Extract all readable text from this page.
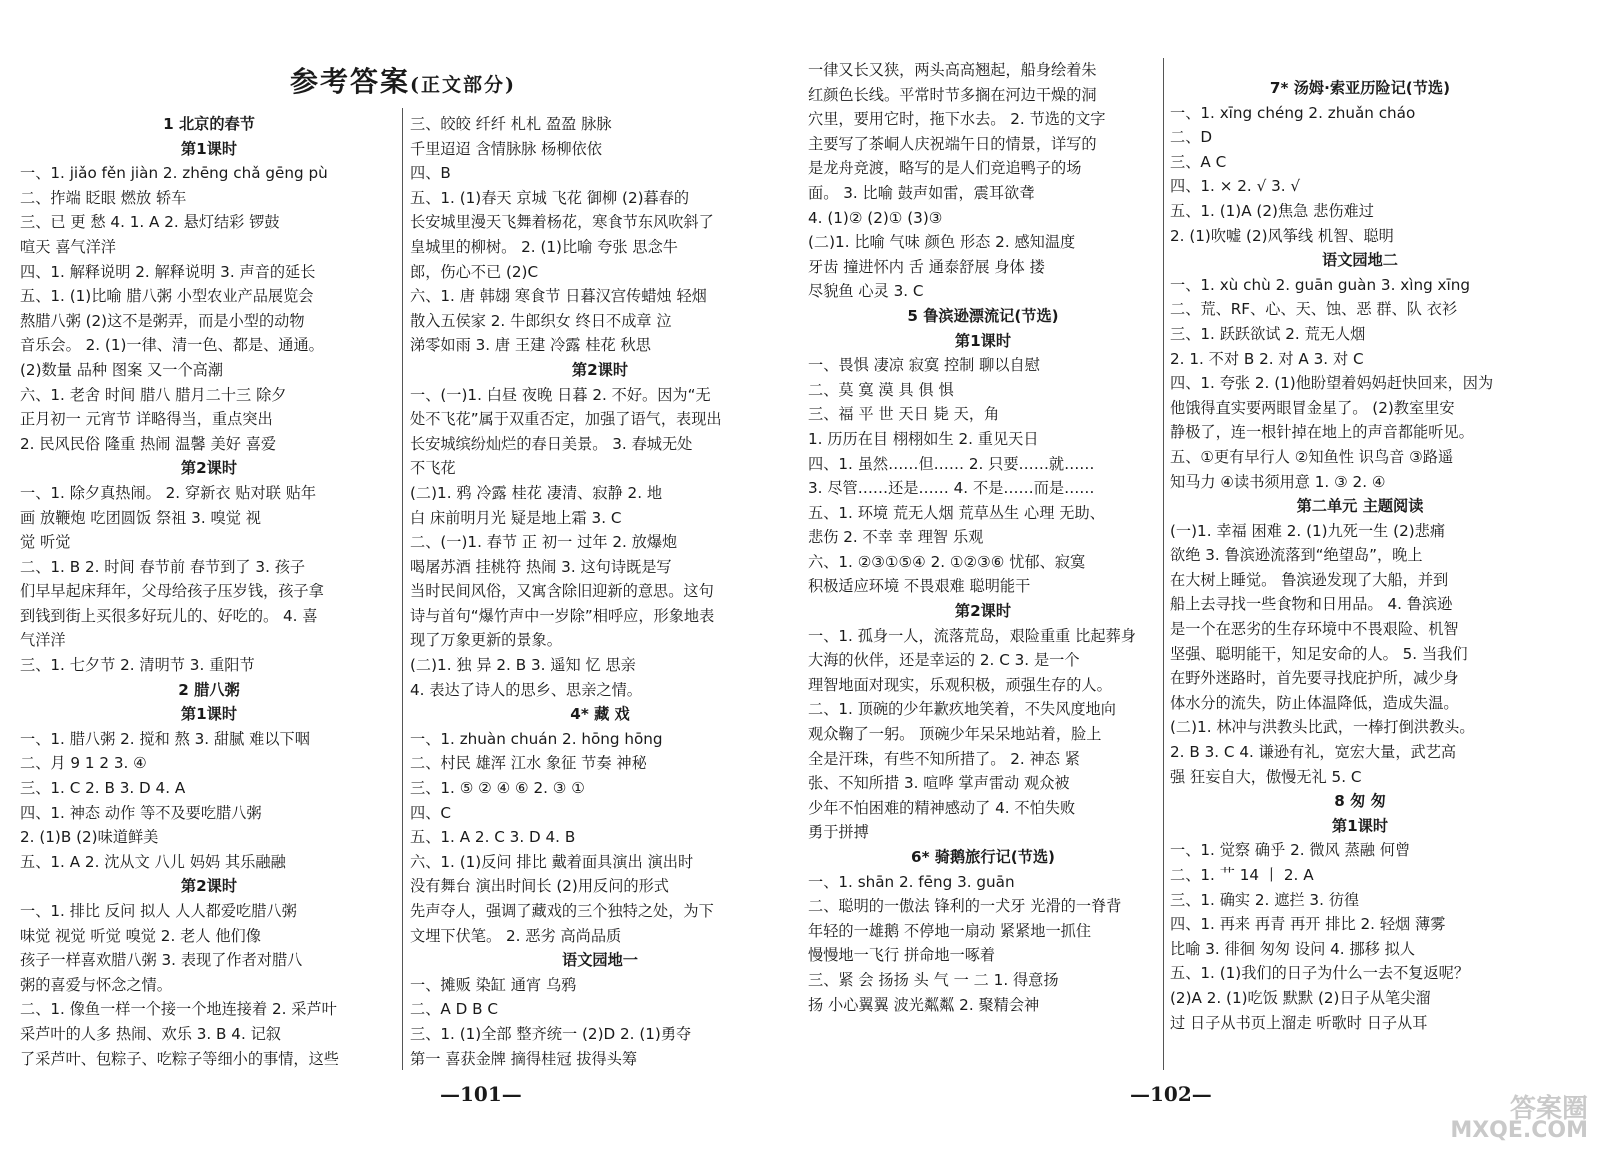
参考答案(正文部分)
1 北京的春节
第1课时
一、1. jiǎo fěn jiàn 2. zhēng chǎ gēng pù
二、拃端 眨眼 燃放 轿车
三、已 更 愁 4. 1. A 2. 悬灯结彩 锣鼓
喧天 喜气洋洋
四、1. 解释说明 2. 解释说明 3. 声音的延长
五、1. (1)比喻 腊八粥 小型农业产品展览会
熬腊八粥 (2)这不是粥弄，而是小型的动物
音乐会。 2. (1)一律、清一色、都是、通通。
(2)数量 品种 图案 又一个高潮
六、1. 老舍 时间 腊八 腊月二十三 除夕
正月初一 元宵节 详略得当，重点突出
2. 民风民俗 隆重 热闹 温馨 美好 喜爱
第2课时
一、1. 除夕真热闹。 2. 穿新衣 贴对联 贴年
画 放鞭炮 吃团圆饭 祭祖 3. 嗅觉 视
觉 听觉
二、1. B 2. 时间 春节前 春节到了 3. 孩子
们早早起床拜年，父母给孩子压岁钱，孩子拿
到钱到街上买很多好玩儿的、好吃的。 4. 喜
气洋洋
三、1. 七夕节 2. 清明节 3. 重阳节
2 腊八粥
第1课时
一、1. 腊八粥 2. 搅和 熬 3. 甜腻 难以下咽
二、月 9 1 2 3. ④
三、1. C 2. B 3. D 4. A
四、1. 神态 动作 等不及要吃腊八粥
2. (1)B (2)味道鲜美
五、1. A 2. 沈从文 八儿 妈妈 其乐融融
第2课时
一、1. 排比 反问 拟人 人人都爱吃腊八粥
味觉 视觉 听觉 嗅觉 2. 老人 他们像
孩子一样喜欢腊八粥 3. 表现了作者对腊八
粥的喜爱与怀念之情。
二、1. 像鱼一样一个接一个地连接着 2. 采芦叶
采芦叶的人多 热闹、欢乐 3. B 4. 记叙
了采芦叶、包粽子、吃粽子等细小的事情，这些
三、皎皎 纤纤 札札 盈盈 脉脉
千里迢迢 含情脉脉 杨柳依依
四、B
五、1. (1)春天 京城 飞花 御柳 (2)暮春的
长安城里漫天飞舞着杨花，寒食节东风吹斜了
皇城里的柳树。 2. (1)比喻 夸张 思念牛
郎，伤心不已 (2)C
六、1. 唐 韩翃 寒食节 日暮汉宫传蜡烛 轻烟
散入五侯家 2. 牛郎织女 终日不成章 泣
涕零如雨 3. 唐 王建 冷露 桂花 秋思
第2课时
一、(一)1. 白昼 夜晚 日暮 2. 不好。因为“无
处不飞花”属于双重否定，加强了语气，表现出
长安城缤纷灿烂的春日美景。 3. 春城无处
不飞花
(二)1. 鸦 冷露 桂花 凄清、寂静 2. 地
白 床前明月光 疑是地上霜 3. C
二、(一)1. 春节 正 初一 过年 2. 放爆炮
喝屠苏酒 挂桃符 热闹 3. 这句诗既是写
当时民间风俗，又寓含除旧迎新的意思。这句
诗与首句“爆竹声中一岁除”相呼应，形象地表
现了万象更新的景象。
(二)1. 独 异 2. B 3. 遥知 忆 思亲
4. 表达了诗人的思乡、思亲之情。
4* 藏 戏
一、1. zhuàn chuán 2. hōng hōng
二、村民 雄浑 江水 象征 节奏 神秘
三、1. ⑤ ② ④ ⑥ 2. ③ ①
四、C
五、1. A 2. C 3. D 4. B
六、1. (1)反问 排比 戴着面具演出 演出时
没有舞台 演出时间长 (2)用反问的形式
先声夺人，强调了藏戏的三个独特之处，为下
文埋下伏笔。 2. 恶劣 高尚品质
语文园地一
一、摊贩 染缸 通宵 乌鸦
二、A D B C
三、1. (1)全部 整齐统一 (2)D 2. (1)勇夺
第一 喜获金牌 摘得桂冠 拔得头筹
一律又长又狭，两头高高翘起，船身绘着朱
红颜色长线。平常时节多搁在河边干燥的洞
穴里，要用它时，拖下水去。 2. 节选的文字
主要写了茶峒人庆祝端午日的情景，详写的
是龙舟竞渡，略写的是人们竞追鸭子的场
面。 3. 比喻 鼓声如雷，震耳欲聋
4. (1)② (2)① (3)③
(二)1. 比喻 气味 颜色 形态 2. 感知温度
牙齿 撞进怀内 舌 通泰舒展 身体 搂
尽貌鱼 心灵 3. C
5 鲁滨逊漂流记(节选)
第1课时
一、畏惧 凄凉 寂寞 控制 聊以自慰
二、莫 寞 漠 具 俱 惧
三、福 平 世 天日 毙 天，角
1. 历历在目 栩栩如生 2. 重见天日
四、1. 虽然……但…… 2. 只要……就……
3. 尽管……还是…… 4. 不是……而是……
五、1. 环境 荒无人烟 荒草丛生 心理 无助、
悲伤 2. 不幸 幸 理智 乐观
六、1. ②③①⑤④ 2. ①②③⑥ 忧郁、寂寞
积极适应环境 不畏艰难 聪明能干
第2课时
一、1. 孤身一人，流落荒岛，艰险重重 比起葬身
大海的伙伴，还是幸运的 2. C 3. 是一个
理智地面对现实，乐观积极，顽强生存的人。
二、1. 顶碗的少年歉疚地笑着，不失风度地向
观众鞠了一躬。 顶碗少年呆呆地站着，脸上
全是汗珠，有些不知所措了。 2. 神态 紧
张、不知所措 3. 喧哗 掌声雷动 观众被
少年不怕困难的精神感动了 4. 不怕失败
勇于拼搏
6* 骑鹅旅行记(节选)
一、1. shān 2. fēng 3. guān
二、聪明的一傲法 锋利的一犬牙 光滑的一脊背
年轻的一雄鹅 不停地一扇动 紧紧地一抓住
慢慢地一飞行 拼命地一啄着
三、紧 会 扬扬 头 气 一 二 1. 得意扬
扬 小心翼翼 波光粼粼 2. 聚精会神
7* 汤姆·索亚历险记(节选)
一、1. xīng chéng 2. zhuǎn cháo
二、D
三、A C
四、1. × 2. √ 3. √
五、1. (1)A (2)焦急 悲伤难过
2. (1)吹嘘 (2)风筝线 机智、聪明
语文园地二
一、1. xù chù 2. guān guàn 3. xìng xīng
二、荒、RF、心、天、蚀、恶 群、队 衣衫
三、1. 跃跃欲试 2. 荒无人烟
2. 1. 不对 B 2. 对 A 3. 对 C
四、1. 夸张 2. (1)他盼望着妈妈赶快回来，因为
他饿得直实要两眼冒金星了。 (2)教室里安
静极了，连一根针掉在地上的声音都能听见。
五、①更有早行人 ②知鱼性 识鸟音 ③路遥
知马力 ④读书须用意 1. ③ 2. ④
第二单元 主题阅读
(一)1. 幸福 困难 2. (1)九死一生 (2)悲痛
欲绝 3. 鲁滨逊流落到“绝望岛”，晚上
在大树上睡觉。 鲁滨逊发现了大船，并到
船上去寻找一些食物和日用品。 4. 鲁滨逊
是一个在恶劣的生存环境中不畏艰险、机智
坚强、聪明能干，知足安命的人。 5. 当我们
在野外迷路时，首先要寻找庇护所，减少身
体水分的流失，防止体温降低，造成失温。
(二)1. 林冲与洪教头比武，一棒打倒洪教头。
2. B 3. C 4. 谦逊有礼，宽宏大量，武艺高
强 狂妄自大，傲慢无礼 5. C
8 匆 匆
第1课时
一、1. 觉察 确乎 2. 微风 蒸融 何曾
二、1. 艹 14 丨 2. A
三、1. 确实 2. 遮拦 3. 彷徨
四、1. 再来 再青 再开 排比 2. 轻烟 薄雾
比喻 3. 徘徊 匆匆 设问 4. 挪移 拟人
五、1. (1)我们的日子为什么一去不复返呢？
(2)A 2. (1)吃饭 默默 (2)日子从笔尖溜
过 日子从书页上溜走 听歌时 日子从耳
—101—	—102—	答案圈
MXQE.COM
